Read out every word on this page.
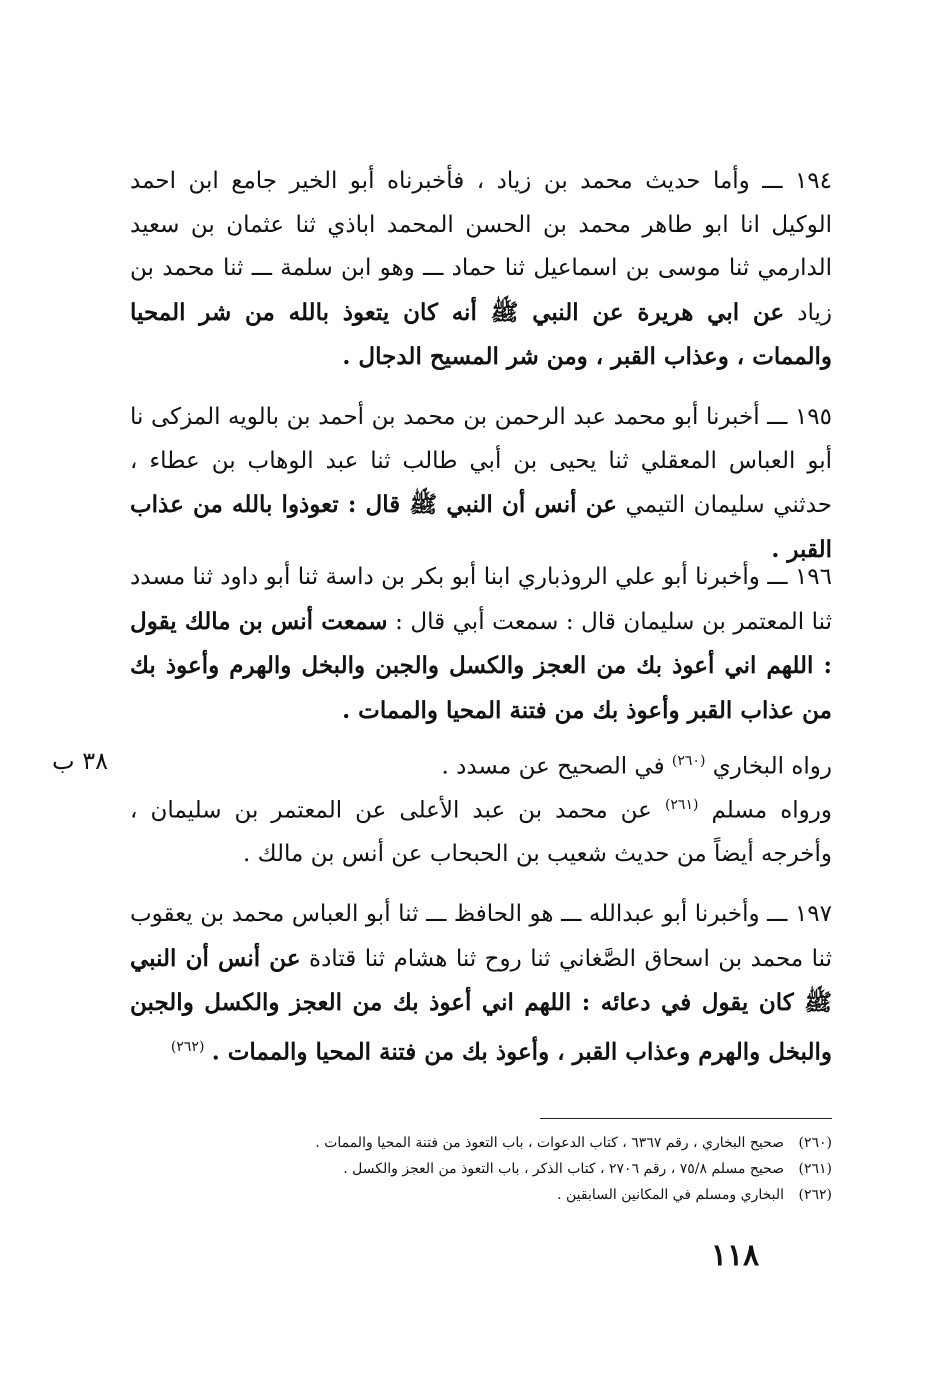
١٩٤ ـــ وأما حديث محمد بن زياد ، فأخبرناه أبو الخير جامع ابن احمد الوكيل انا ابو طاهر محمد بن الحسن المحمد اباذي ثنا عثمان بن سعيد الدارمي ثنا موسى بن اسماعيل ثنا حماد ـــ وهو ابن سلمة ـــ ثنا محمد بن زياد عن ابي هريرة عن النبي ﷺ أنه كان يتعوذ بالله من شر المحيا والممات ، وعذاب القبر ، ومن شر المسيح الدجال .
١٩٥ ـــ أخبرنا أبو محمد عبد الرحمن بن محمد بن أحمد بن بالويه المزكى نا أبو العباس المعقلي ثنا يحيى بن أبي طالب ثنا عبد الوهاب بن عطاء ، حدثني سليمان التيمي عن أنس أن النبي ﷺ قال : تعوذوا بالله من عذاب القبر .
١٩٦ ـــ وأخبرنا أبو علي الروذباري ابنا أبو بكر بن داسة ثنا أبو داود ثنا مسدد ثنا المعتمر بن سليمان قال : سمعت أبي قال : سمعت أنس بن مالك يقول : اللهم اني أعوذ بك من العجز والكسل والجبن والبخل والهرم وأعوذ بك من عذاب القبر وأعوذ بك من فتنة المحيا والممات .
رواه البخاري $^{(٢٦٠)}$ في الصحيح عن مسدد .
٣٨ ب
ورواه مسلم $^{(٢٦١)}$ عن محمد بن عبد الأعلى عن المعتمر بن سليمان ، وأخرجه أيضاً من حديث شعيب بن الحبحاب عن أنس بن مالك .
١٩٧ ـــ وأخبرنا أبو عبدالله ـــ هو الحافظ ـــ ثنا أبو العباس محمد بن يعقوب ثنا محمد بن اسحاق الصَّغاني ثنا روح ثنا هشام ثنا قتادة عن أنس أن النبي ﷺ كان يقول في دعائه : اللهم اني أعوذ بك من العجز والكسل والجبن والبخل والهرم وعذاب القبر ، وأعوذ بك من فتنة المحيا والممات . $^{(٢٦٢)}$
(٢٦٠) صحيح البخاري ، رقم ٦٣٦٧ ، كتاب الدعوات ، باب التعوذ من فتنة المحيا والممات .
(٢٦١) صحيح مسلم ٧٥/٨ ، رقم ٢٧٠٦ ، كتاب الذكر ، باب التعوذ من العجز والكسل .
(٢٦٢) البخاري ومسلم في المكانين السابقين .
١١٨
